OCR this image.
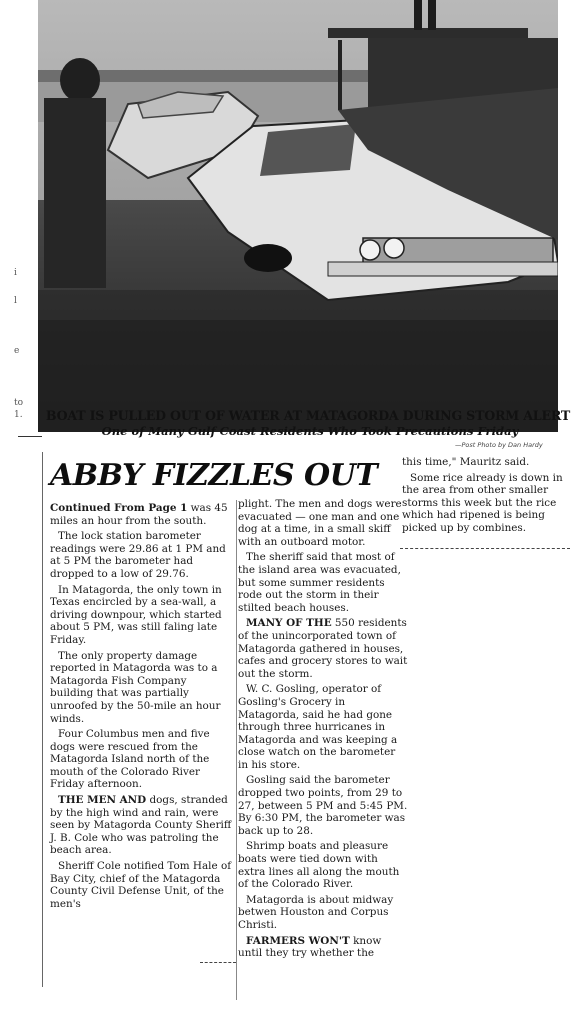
i
l
e
to
1. BOAT IS PULLED OUT OF WATER AT MATAGORDA DURING STORM ALERT
One of Many Gulf Coast Residents Who Took Precautions Friday
—Post Photo by Dan Hardy
ABBY FIZZLES OUT

Continued From Page 1 was 45 miles an hour from the south.

The lock station barometer readings were 29.86 at 1 PM and at 5 PM the barometer had dropped to a low of 29.76.

In Matagorda, the only town in Texas encircled by a sea-wall, a driving downpour, which started about 5 PM, was still faling late Friday.

The only property damage reported in Matagorda was to a Matagorda Fish Company building that was partially unroofed by the 50-mile an hour winds.

Four Columbus men and five dogs were rescued from the Matagorda Island north of the mouth of the Colorado River Friday afternoon.

THE MEN AND dogs, stranded by the high wind and rain, were seen by Matagorda County Sheriff J. B. Cole who was patroling the beach area.

Sheriff Cole notified Tom Hale of Bay City, chief of the Matagorda County Civil Defense Unit, of the men's

plight. The men and dogs were evacuated — one man and one dog at a time, in a small skiff with an outboard motor.

The sheriff said that most of the island area was evacuated, but some summer residents rode out the storm in their stilted beach houses.

MANY OF THE 550 residents of the unincorporated town of Matagorda gathered in houses, cafes and grocery stores to wait out the storm.

W. C. Gosling, operator of Gosling's Grocery in Matagorda, said he had gone through three hurricanes in Matagorda and was keeping a close watch on the barometer in his store.

Gosling said the barometer dropped two points, from 29 to 27, between 5 PM and 5:45 PM. By 6:30 PM, the barometer was back up to 28.

Shrimp boats and pleasure boats were tied down with extra lines all along the mouth of the Colorado River.

Matagorda is about midway betwen Houston and Corpus Christi.

FARMERS WON'T know until they try whether the

this time," Mauritz said.

Some rice already is down in the area from other smaller storms this week but the rice which had ripened is being picked up by combines.
